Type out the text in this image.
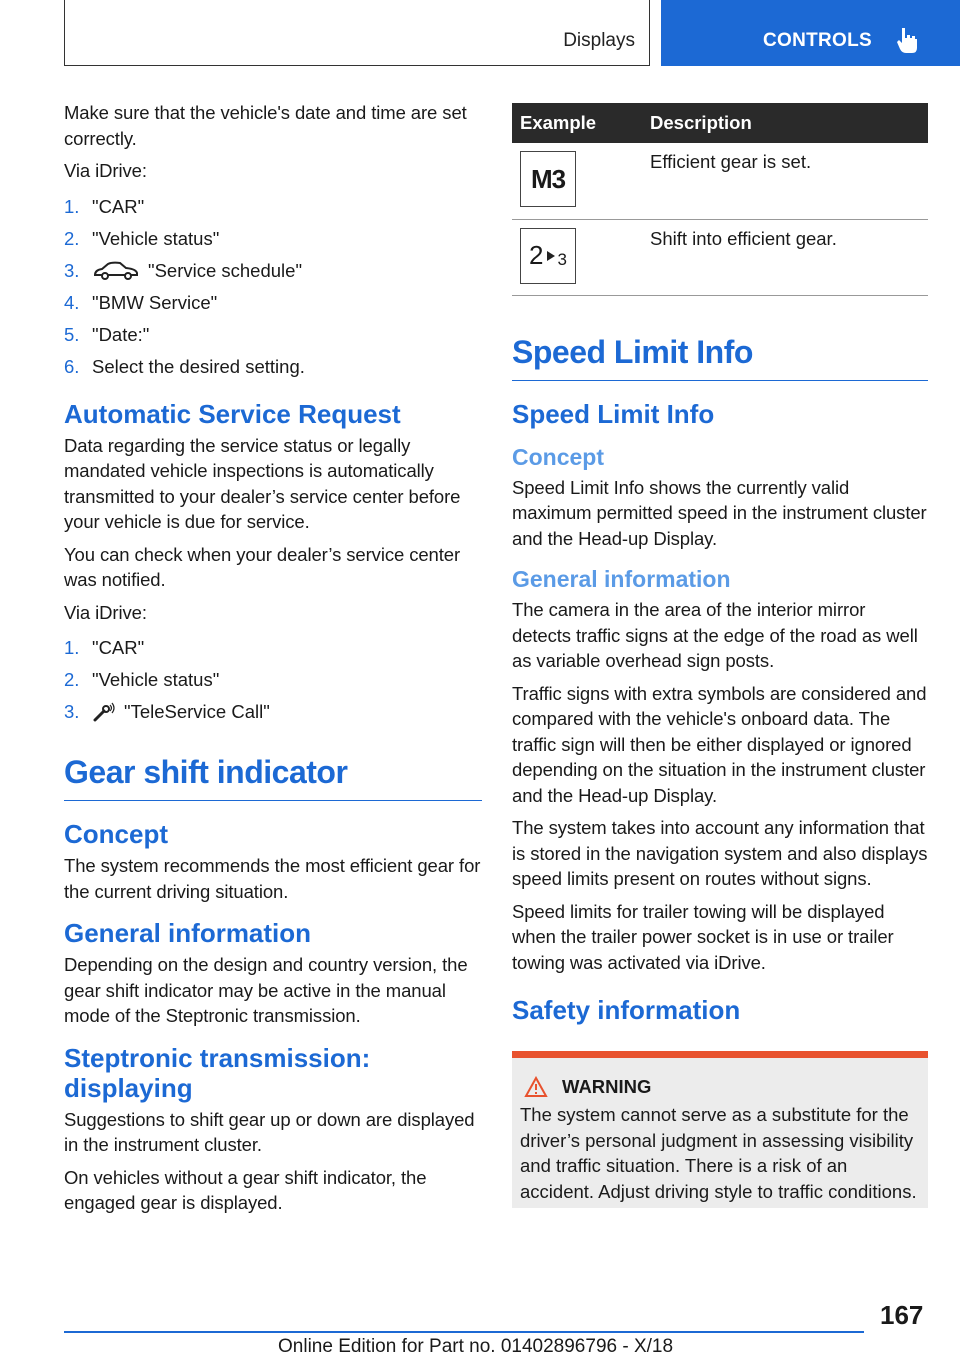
Displays	CONTROLS

Make sure that the vehicle's date and time are set correctly.

Via iDrive:

1. "CAR"
2. "Vehicle status"
3.	"Service schedule"
4. "BMW Service"
5. "Date:"
6. Select the desired setting.
Automatic Service Request

Data regarding the service status or legally mandated vehicle inspections is automatically transmitted to your dealer’s service center before your vehicle is due for service.

You can check when your dealer’s service center was notified.

Via iDrive:

1. "CAR"
2. "Vehicle status"
3.	"TeleService Call"
Gear shift indicator
Concept

The system recommends the most efficient gear for the current driving situation.

General information

Depending on the design and country version, the gear shift indicator may be active in the manual mode of the Steptronic transmission.

Steptronic transmission: displaying

Suggestions to shift gear up or down are displayed in the instrument cluster.

On vehicles without a gear shift indicator, the engaged gear is displayed.

Example	Description

M3	Efficient gear is set.

2 3	Shift into efficient gear.
Speed Limit Info
Speed Limit Info
Concept

Speed Limit Info shows the currently valid maximum permitted speed in the instrument cluster and the Head-up Display.

General information

The camera in the area of the interior mirror detects traffic signs at the edge of the road as well as variable overhead sign posts.

Traffic signs with extra symbols are considered and compared with the vehicle's onboard data. The traffic sign will then be either displayed or ignored depending on the situation in the instrument cluster and the Head-up Display.

The system takes into account any information that is stored in the navigation system and also displays speed limits present on routes without signs.

Speed limits for trailer towing will be displayed when the trailer power socket is in use or trailer towing was activated via iDrive.

Safety information
WARNING

The system cannot serve as a substitute for the driver’s personal judgment in assessing visibility and traffic situation. There is a risk of an accident. Adjust driving style to traffic conditions.

167
Online Edition for Part no. 01402896796 - X/18
